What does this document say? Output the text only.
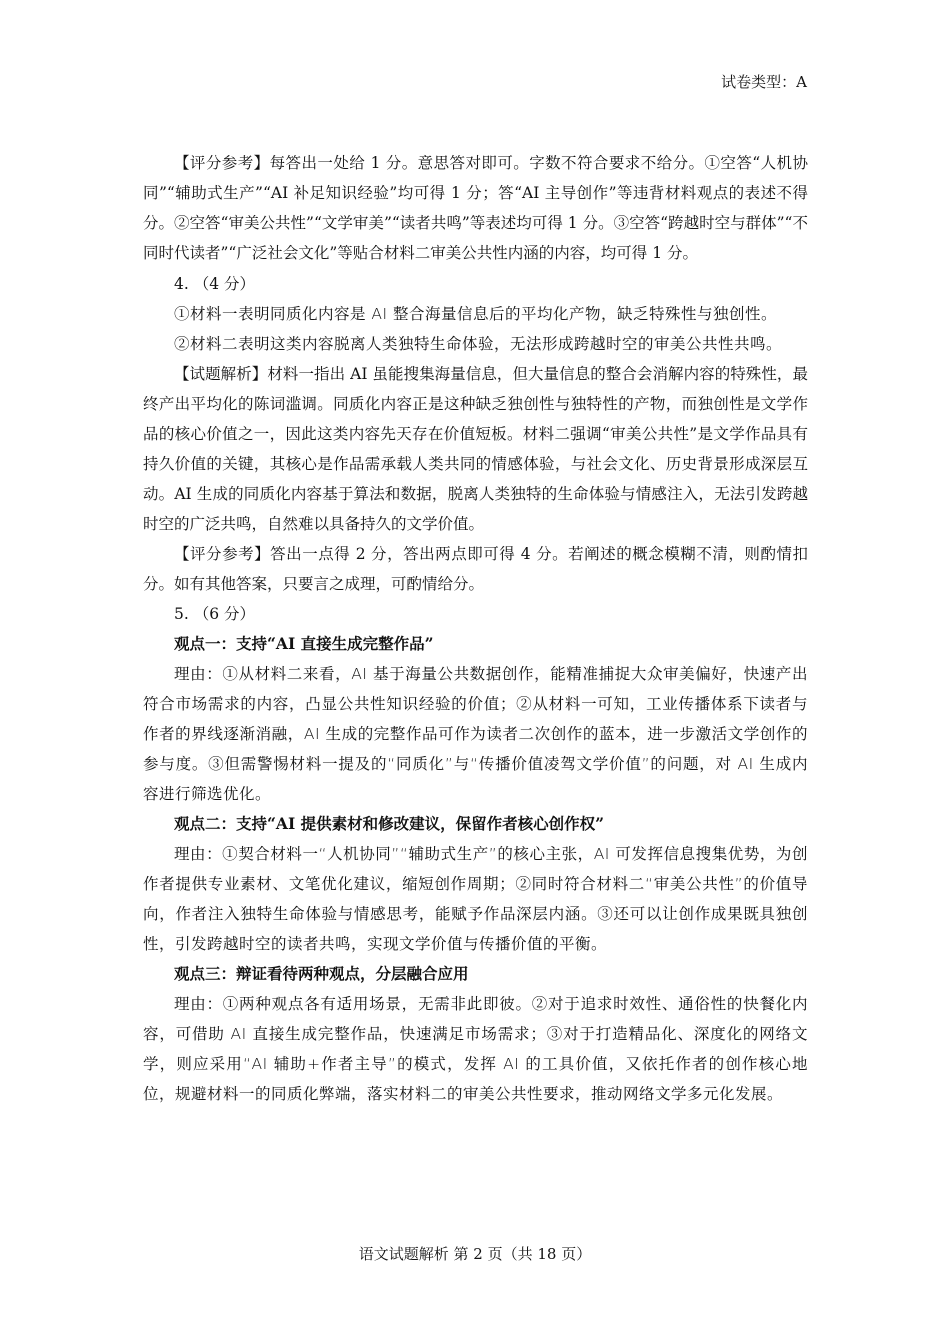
试卷类型：A

【评分参考】每答出一处给 1 分。意思答对即可。字数不符合要求不给分。①空答“人机协同”“辅助式生产”“AI 补足知识经验”均可得 1 分；答“AI 主导创作”等违背材料观点的表述不得分。②空答“审美公共性”“文学审美”“读者共鸣”等表述均可得 1 分。③空答“跨越时空与群体”“不同时代读者”“广泛社会文化”等贴合材料二审美公共性内涵的内容，均可得 1 分。

4. （4 分）

①材料一表明同质化内容是 AI 整合海量信息后的平均化产物，缺乏特殊性与独创性。

②材料二表明这类内容脱离人类独特生命体验，无法形成跨越时空的审美公共性共鸣。

【试题解析】材料一指出 AI 虽能搜集海量信息，但大量信息的整合会消解内容的特殊性，最终产出平均化的陈词滥调。同质化内容正是这种缺乏独创性与独特性的产物，而独创性是文学作品的核心价值之一，因此这类内容先天存在价值短板。材料二强调“审美公共性”是文学作品具有持久价值的关键，其核心是作品需承载人类共同的情感体验，与社会文化、历史背景形成深层互动。AI 生成的同质化内容基于算法和数据，脱离人类独特的生命体验与情感注入，无法引发跨越时空的广泛共鸣，自然难以具备持久的文学价值。

【评分参考】答出一点得 2 分，答出两点即可得 4 分。若阐述的概念模糊不清，则酌情扣分。如有其他答案，只要言之成理，可酌情给分。

5. （6 分）

观点一：支持“AI 直接生成完整作品”

理由：①从材料二来看，AI 基于海量公共数据创作，能精准捕捉大众审美偏好，快速产出符合市场需求的内容，凸显公共性知识经验的价值；②从材料一可知，工业传播体系下读者与作者的界线逐渐消融，AI 生成的完整作品可作为读者二次创作的蓝本，进一步激活文学创作的参与度。③但需警惕材料一提及的“同质化”与“传播价值凌驾文学价值”的问题，对 AI 生成内容进行筛选优化。

观点二：支持“AI 提供素材和修改建议，保留作者核心创作权”

理由：①契合材料一“人机协同”“辅助式生产”的核心主张，AI 可发挥信息搜集优势，为创作者提供专业素材、文笔优化建议，缩短创作周期；②同时符合材料二“审美公共性”的价值导向，作者注入独特生命体验与情感思考，能赋予作品深层内涵。③还可以让创作成果既具独创性，引发跨越时空的读者共鸣，实现文学价值与传播价值的平衡。

观点三：辩证看待两种观点，分层融合应用

理由：①两种观点各有适用场景，无需非此即彼。②对于追求时效性、通俗性的快餐化内容，可借助 AI 直接生成完整作品，快速满足市场需求；③对于打造精品化、深度化的网络文学，则应采用“AI 辅助+作者主导”的模式，发挥 AI 的工具价值，又依托作者的创作核心地位，规避材料一的同质化弊端，落实材料二的审美公共性要求，推动网络文学多元化发展。

语文试题解析 第 2 页（共 18 页）
